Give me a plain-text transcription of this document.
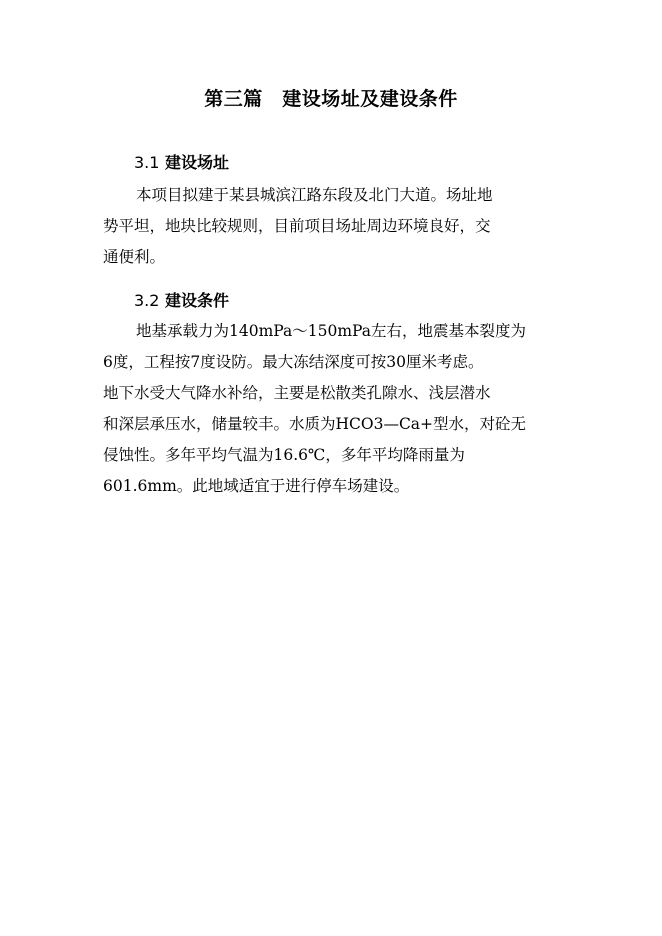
第三篇　建设场址及建设条件
3.1 建设场址
本项目拟建于某县城滨江路东段及北门大道。场址地
势平坦，地块比较规则，目前项目场址周边环境良好，交
通便利。
3.2 建设条件
地基承载力为140mPa～150mPa左右，地震基本裂度为
6度，工程按7度设防。最大冻结深度可按30厘米考虑。
地下水受大气降水补给，主要是松散类孔隙水、浅层潜水
和深层承压水，储量较丰。水质为HCO3—Ca+型水，对砼无
侵蚀性。多年平均气温为16.6℃，多年平均降雨量为
601.6mm。此地域适宜于进行停车场建设。
